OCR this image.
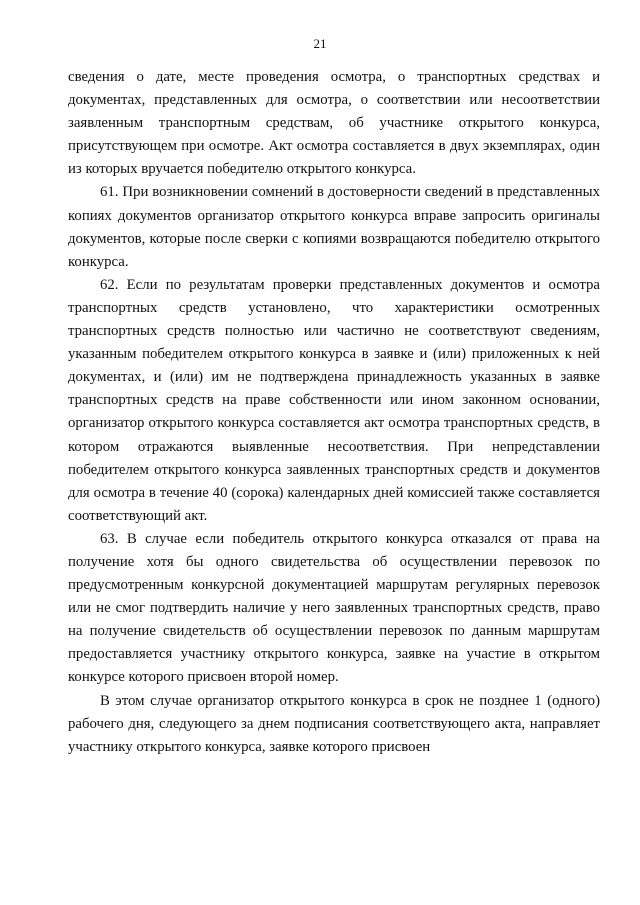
21

сведения о дате, месте проведения осмотра, о транспортных средствах и документах, представленных для осмотра, о соответствии или несоответствии заявленным транспортным средствам, об участнике открытого конкурса, присутствующем при осмотре. Акт осмотра составляется в двух экземплярах, один из которых вручается победителю открытого конкурса.

61. При возникновении сомнений в достоверности сведений в представленных копиях документов организатор открытого конкурса вправе запросить оригиналы документов, которые после сверки с копиями возвращаются победителю открытого конкурса.

62. Если по результатам проверки представленных документов и осмотра транспортных средств установлено, что характеристики осмотренных транспортных средств полностью или частично не соответствуют сведениям, указанным победителем открытого конкурса в заявке и (или) приложенных к ней документах, и (или) им не подтверждена принадлежность указанных в заявке транспортных средств на праве собственности или ином законном основании, организатор открытого конкурса составляется акт осмотра транспортных средств, в котором отражаются выявленные несоответствия. При непредставлении победителем открытого конкурса заявленных транспортных средств и документов для осмотра в течение 40 (сорока) календарных дней комиссией также составляется соответствующий акт.

63. В случае если победитель открытого конкурса отказался от права на получение хотя бы одного свидетельства об осуществлении перевозок по предусмотренным конкурсной документацией маршрутам регулярных перевозок или не смог подтвердить наличие у него заявленных транспортных средств, право на получение свидетельств об осуществлении перевозок по данным маршрутам предоставляется участнику открытого конкурса, заявке на участие в открытом конкурсе которого присвоен второй номер.

В этом случае организатор открытого конкурса в срок не позднее 1 (одного) рабочего дня, следующего за днем подписания соответствующего акта, направляет участнику открытого конкурса, заявке которого присвоен
